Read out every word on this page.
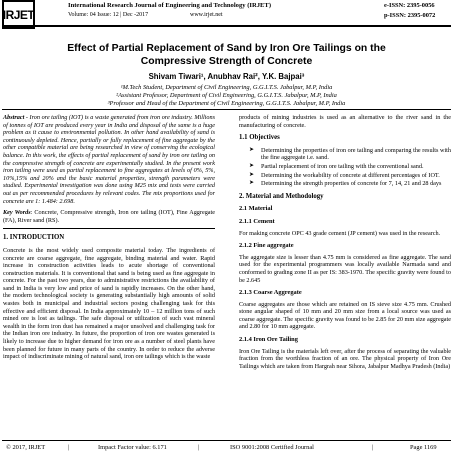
IRJET
International Research Journal of Engineering and Technology (IRJET)
Volume: 04 Issue: 12 | Dec -2017	www.irjet.net
e-ISSN: 2395-0056
p-ISSN: 2395-0072
Effect of Partial Replacement of Sand by Iron Ore Tailings on the Compressive Strength of Concrete
Shivam Tiwari¹, Anubhav Rai², Y.K. Bajpai³
¹M.Tech Student, Department of Civil Engineering, G.G.I.T.S. Jabalpur, M.P, India
²Assistant Professor, Department of Civil Engineering, G.G.I.T.S. Jabalpur, M.P, India
³Professor and Head of the Department of Civil Engineering, G.G.I.T.S. Jabalpur, M.P, India

Abstract - Iron ore tailing (IOT) is a waste generated from iron ore industry. Millions of tonnes of IOT are produced every year in India and disposal of the same is a huge problem as it cause to environmental pollution. In other hand availability of sand is continuously depleted. Hence, partially or fully replacement of fine aggregate by the other compatible material are being researched in view of conserving the ecological balance. In this work, the effects of partial replacement of sand by iron ore tailing on the compressive strength of concrete are experimentally studied. In the present work iron tailing were used as partial replacement to fine aggregates at levels of 0%, 5%, 10%,15% and 20% and the basic material properties, strength parameters were studied. Experimental investigation was done using M25 mix and tests were carried out as per recommended procedures by relevant codes. The mix proportions used for concrete are 1: 1.484: 2.698.

Key Words: Concrete, Compressive strength, Iron ore tailing (IOT), Fine Aggregate (FA), River sand (RS).

1. INTRODUCTION

Concrete is the most widely used composite material today. The ingredients of concrete are coarse aggregate, fine aggregate, binding material and water. Rapid increase in construction activities leads to acute shortage of conventional construction materials. It is conventional that sand is being used as fine aggregate in concrete. For the past two years, due to administrative restrictions the availability of sand in India is very low and price of sand is rapidly increases. On the other hand, the modern technological society is generating substantially high amounts of solid wastes both in municipal and industrial sectors posing challenging task for this effective and efficient disposal. In India approximately 10 – 12 million tons of such mined ore is lost as tailings. The safe disposal or utilization of such vast mineral wealth in the form iron dust has remained a major unsolved and challenging task for the Indian iron ore industry. In future, the proportion of iron ore wastes generated is likely to increase due to higher demand for iron ore as a number of steel plants have been planned for future in many parts of the country. In order to reduce the adverse impact of indiscriminate mining of natural sand, iron ore tailings which is the waste

products of mining industries is used as an alternative to the river sand in the manufacturing of concrete.

1.1 Objectives
➤ Determining the properties of iron ore tailing and comparing the results with the fine aggregate i.e. sand.
➤ Partial replacement of iron ore tailing with the conventional sand.
➤ Determining the workability of concrete at different percentages of IOT.
➤ Determining the strength properties of concrete for 7, 14, 21 and 28 days
2. Material and Methodology
2.1 Material
2.1.1 Cement

For making concrete OPC 43 grade cement (JP cement) was used in the research.

2.1.2 Fine aggregate

The aggregate size is lesser than 4.75 mm is considered as fine aggregate. The sand used for the experimental programmers was locally available Narmada sand and conformed to grading zone II as per IS: 383-1970. The specific gravity were found to be 2.645

2.1.3 Coarse Aggregate

Coarse aggregates are those which are retained on IS sieve size 4.75 mm. Crushed stone angular shaped of 10 mm and 20 mm size from a local source was used as coarse aggregate. The specific gravity was found to be 2.85 for 20 mm size aggregate and 2.80 for 10 mm aggregate.

2.1.4 Iron Ore Tailing

Iron Ore Tailing is the materials left over, after the process of separating the valuable fraction from the worthless fraction of an ore. The physical property of Iron Ore Tailings which are taken from Hargrah near Sihora, Jabalpur Madhya Pradesh (India)

© 2017, IRJET	|	Impact Factor value: 6.171	|	ISO 9001:2008 Certified Journal	|	Page 1169
